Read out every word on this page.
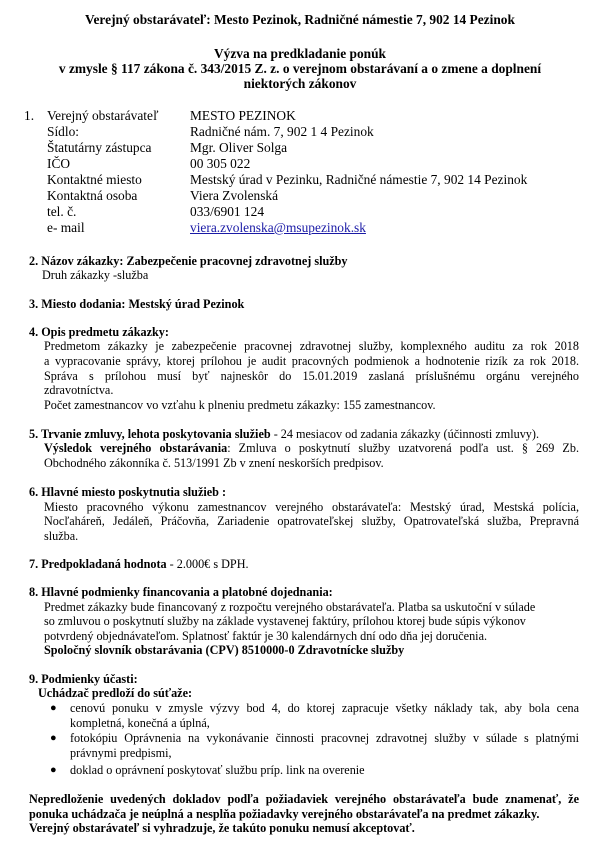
Verejný obstarávateľ: Mesto Pezinok, Radničné námestie 7, 902 14 Pezinok
Výzva na predkladanie ponúk
v zmysle § 117 zákona č. 343/2015 Z. z. o verejnom obstarávaní a o zmene a doplnení
niektorých zákonov
1. Verejný obstarávateľ MESTO PEZINOK
Sídlo:	Radničné nám. 7, 902 1 4 Pezinok
Štatutárny zástupca	Mgr. Oliver Solga
IČO	00 305 022
Kontaktné miesto	Mestský úrad v Pezinku, Radničné námestie 7, 902 14 Pezinok
Kontaktná osoba	Viera Zvolenská
tel. č.	033/6901 124
e- mail	viera.zvolenska@msupezinok.sk
2. Názov zákazky: Zabezpečenie pracovnej zdravotnej služby
Druh zákazky -služba
3. Miesto dodania: Mestský úrad Pezinok
4. Opis predmetu zákazky:
Predmetom zákazky je zabezpečenie pracovnej zdravotnej služby, komplexného auditu za rok 2018
a vypracovanie správy, ktorej prílohou je audit pracovných podmienok a hodnotenie rizík za rok 2018.
Správa s prílohou musí byť najneskôr do 15.01.2019 zaslaná príslušnému orgánu verejného
zdravotníctva.
Počet zamestnancov vo vzťahu k plneniu predmetu zákazky: 155 zamestnancov.
5. Trvanie zmluvy, lehota poskytovania služieb - 24 mesiacov od zadania zákazky (účinnosti zmluvy).
Výsledok verejného obstarávania: Zmluva o poskytnutí služby uzatvorená podľa ust. § 269 Zb.
Obchodného zákonníka č. 513/1991 Zb v znení neskorších predpisov.
6. Hlavné miesto poskytnutia služieb :
Miesto pracovného výkonu zamestnancov verejného obstarávateľa: Mestský úrad, Mestská polícia,
Nocľaháreň, Jedáleň, Práčovňa, Zariadenie opatrovateľskej služby, Opatrovateľská služba, Prepravná
služba.
7. Predpokladaná hodnota - 2.000€ s DPH.
8. Hlavné podmienky financovania a platobné dojednania:
Predmet zákazky bude financovaný z rozpočtu verejného obstarávateľa. Platba sa uskutoční v súlade
so zmluvou o poskytnutí služby na základe vystavenej faktúry, prílohou ktorej bude súpis výkonov
potvrdený objednávateľom. Splatnosť faktúr je 30 kalendárnych dní odo dňa jej doručenia.
Spoločný slovník obstarávania (CPV) 8510000-0 Zdravotnícke služby
9. Podmienky účasti:
Uchádzač predloží do súťaže:
● cenovú ponuku v zmysle výzvy bod 4, do ktorej zapracuje všetky náklady tak, aby bola cena
kompletná, konečná a úplná,
● fotokópiu Oprávnenia na vykonávanie činnosti pracovnej zdravotnej služby v súlade s platnými
právnymi predpismi,
● doklad o oprávnení poskytovať službu príp. link na overenie
Nepredloženie uvedených dokladov podľa požiadaviek verejného obstarávateľa bude znamenať, že
ponuka uchádzača je neúplná a nesplňa požiadavky verejného obstarávateľa na predmet zákazky.
Verejný obstarávateľ si vyhradzuje, že takúto ponuku nemusí akceptovať.
